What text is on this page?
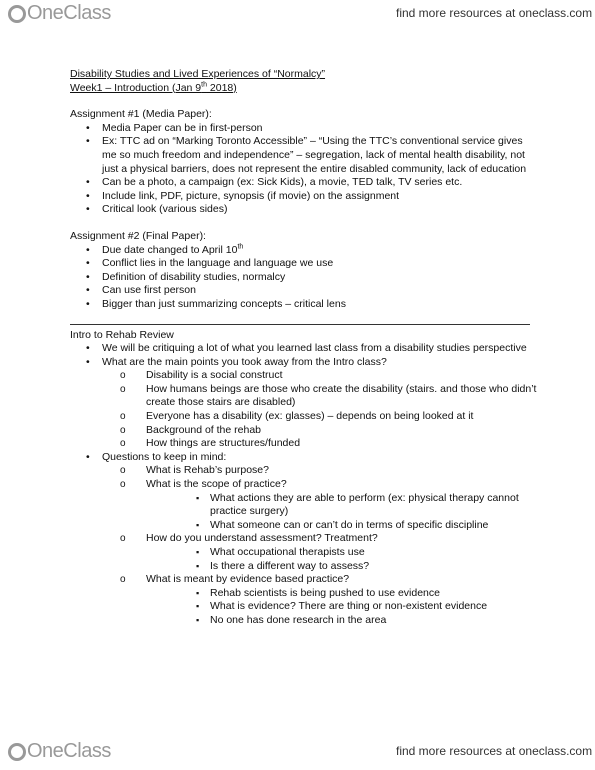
OneClass	find more resources at oneclass.com
Disability Studies and Lived Experiences of “Normalcy”
Week1 – Introduction (Jan 9th 2018)
Assignment #1 (Media Paper):
• Media Paper can be in first-person
• Ex: TTC ad on “Marking Toronto Accessible” – “Using the TTC’s conventional service gives me so much freedom and independence” – segregation, lack of mental health disability, not just a physical barriers, does not represent the entire disabled community, lack of education
• Can be a photo, a campaign (ex: Sick Kids), a movie, TED talk, TV series etc.
• Include link, PDF, picture, synopsis (if movie) on the assignment
• Critical look (various sides)
Assignment #2 (Final Paper):
• Due date changed to April 10th
• Conflict lies in the language and language we use
• Definition of disability studies, normalcy
• Can use first person
• Bigger than just summarizing concepts – critical lens
Intro to Rehab Review
• We will be critiquing a lot of what you learned last class from a disability studies perspective
• What are the main points you took away from the Intro class?
o Disability is a social construct
o How humans beings are those who create the disability (stairs. and those who didn’t create those stairs are disabled)
o Everyone has a disability (ex: glasses) – depends on being looked at it
o Background of the rehab
o How things are structures/funded
• Questions to keep in mind:
o What is Rehab’s purpose?
o What is the scope of practice?
▪ What actions they are able to perform (ex: physical therapy cannot practice surgery)
▪ What someone can or can’t do in terms of specific discipline
o How do you understand assessment? Treatment?
▪ What occupational therapists use
▪ Is there a different way to assess?
o What is meant by evidence based practice?
▪ Rehab scientists is being pushed to use evidence
▪ What is evidence? There are thing or non-existent evidence
▪ No one has done research in the area
OneClass	find more resources at oneclass.com
